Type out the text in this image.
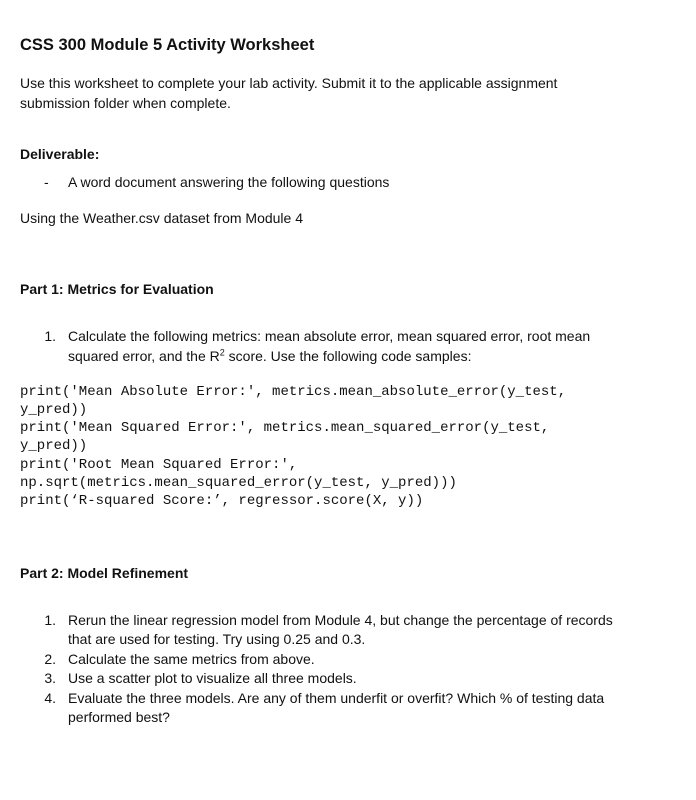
CSS 300 Module 5 Activity Worksheet

Use this worksheet to complete your lab activity. Submit it to the applicable assignment

submission folder when complete.

Deliverable:

- A word document answering the following questions

Using the Weather.csv dataset from Module 4

Part 1: Metrics for Evaluation
1. Calculate the following metrics: mean absolute error, mean squared error, root mean

squared error, and the $R^2$ score. Use the following code samples:

print('Mean Absolute Error:', metrics.mean_absolute_error(y_test,
y_pred))
print('Mean Squared Error:', metrics.mean_squared_error(y_test,
y_pred))
print('Root Mean Squared Error:',
np.sqrt(metrics.mean_squared_error(y_test, y_pred)))
print(‘R-squared Score:’, regressor.score(X, y))
Part 2: Model Refinement
1. Rerun the linear regression model from Module 4, but change the percentage of records

that are used for testing. Try using 0.25 and 0.3.

2. Calculate the same metrics from above.

3. Use a scatter plot to visualize all three models.

4. Evaluate the three models. Are any of them underfit or overfit? Which % of testing data

performed best?
